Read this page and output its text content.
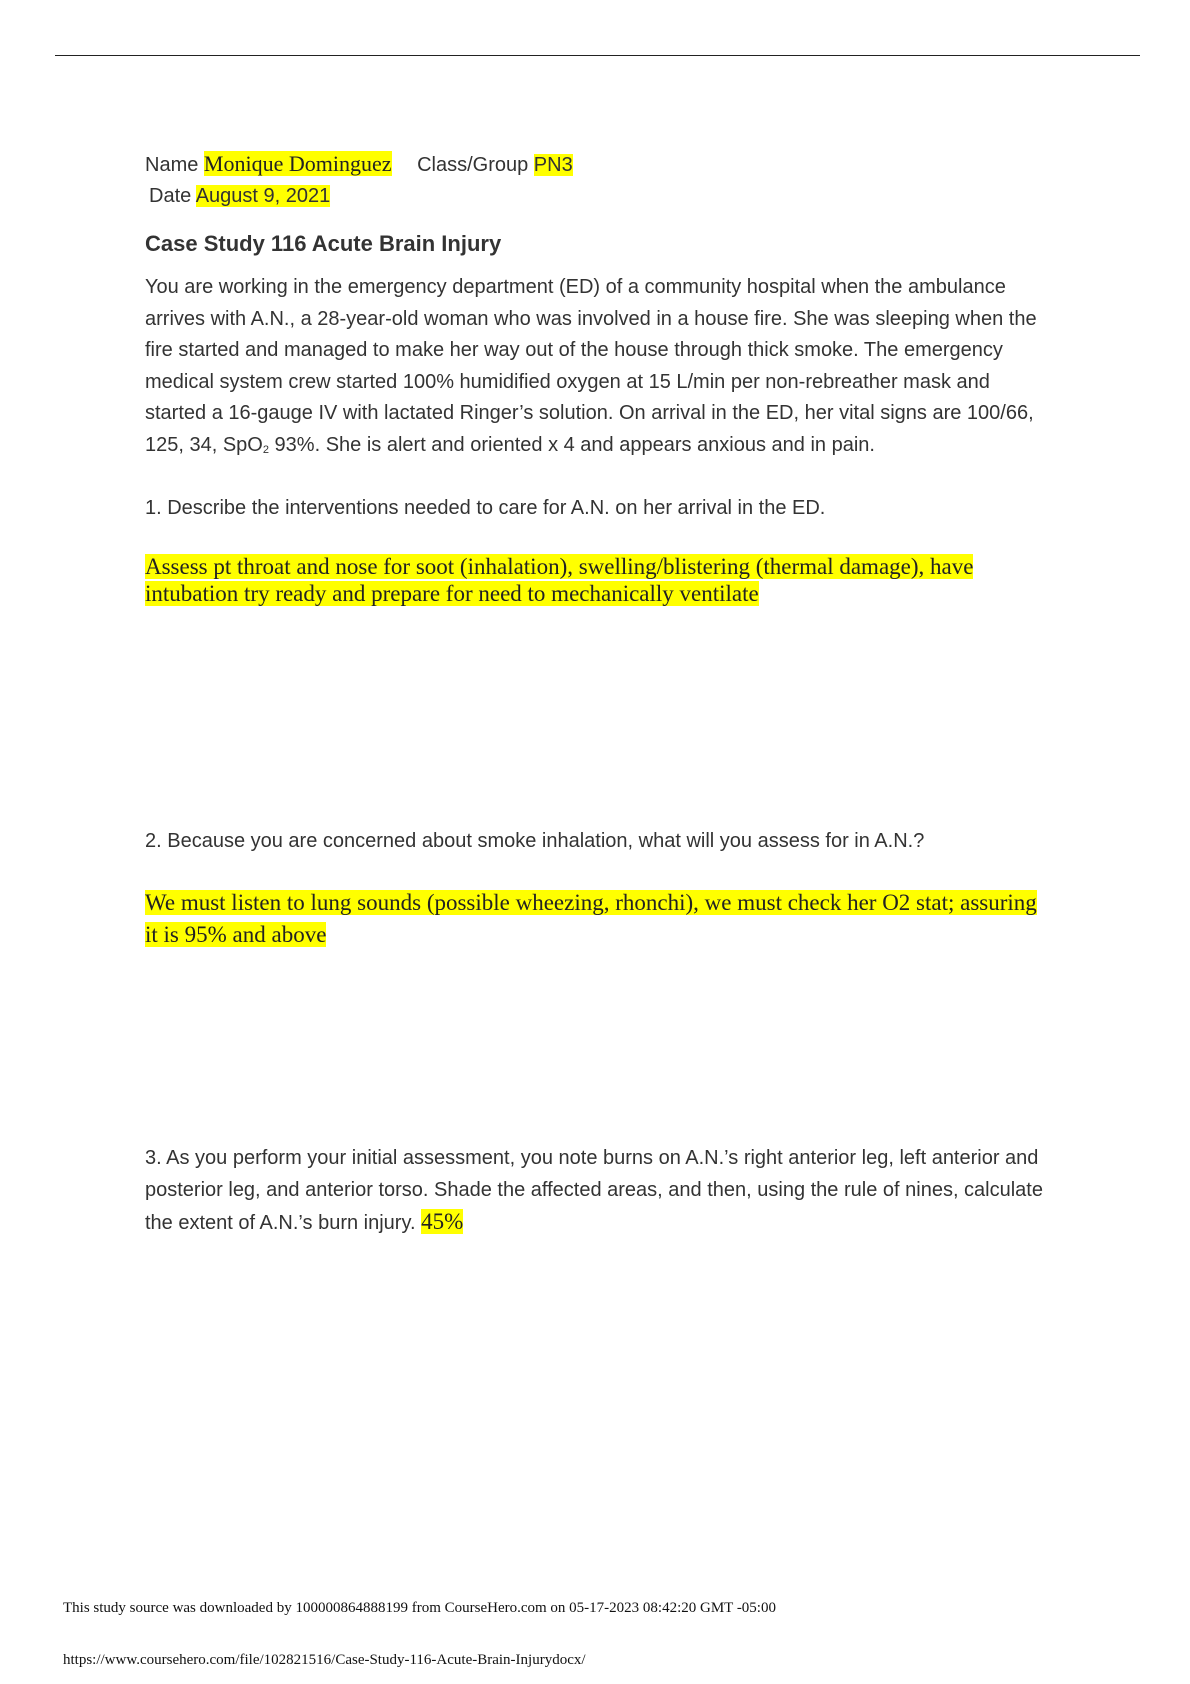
Name Monique Dominguez Class/Group PN3
Date August 9, 2021
Case Study 116 Acute Brain Injury

You are working in the emergency department (ED) of a community hospital when the ambulance arrives with A.N., a 28-year-old woman who was involved in a house fire. She was sleeping when the fire started and managed to make her way out of the house through thick smoke. The emergency medical system crew started 100% humidified oxygen at 15 L/min per non-rebreather mask and started a 16-gauge IV with lactated Ringer’s solution. On arrival in the ED, her vital signs are 100/66, 125, 34, SpO$_2$ 93%. She is alert and oriented x 4 and appears anxious and in pain.

1. Describe the interventions needed to care for A.N. on her arrival in the ED.

Assess pt throat and nose for soot (inhalation), swelling/blistering (thermal damage), have intubation try ready and prepare for need to mechanically ventilate

2. Because you are concerned about smoke inhalation, what will you assess for in A.N.?

We must listen to lung sounds (possible wheezing, rhonchi), we must check her O2 stat; assuring it is 95% and above

3. As you perform your initial assessment, you note burns on A.N.’s right anterior leg, left anterior and posterior leg, and anterior torso. Shade the affected areas, and then, using the rule of nines, calculate the extent of A.N.’s burn injury. 45%

This study source was downloaded by 100000864888199 from CourseHero.com on 05-17-2023 08:42:20 GMT -05:00
https://www.coursehero.com/file/102821516/Case-Study-116-Acute-Brain-Injurydocx/
